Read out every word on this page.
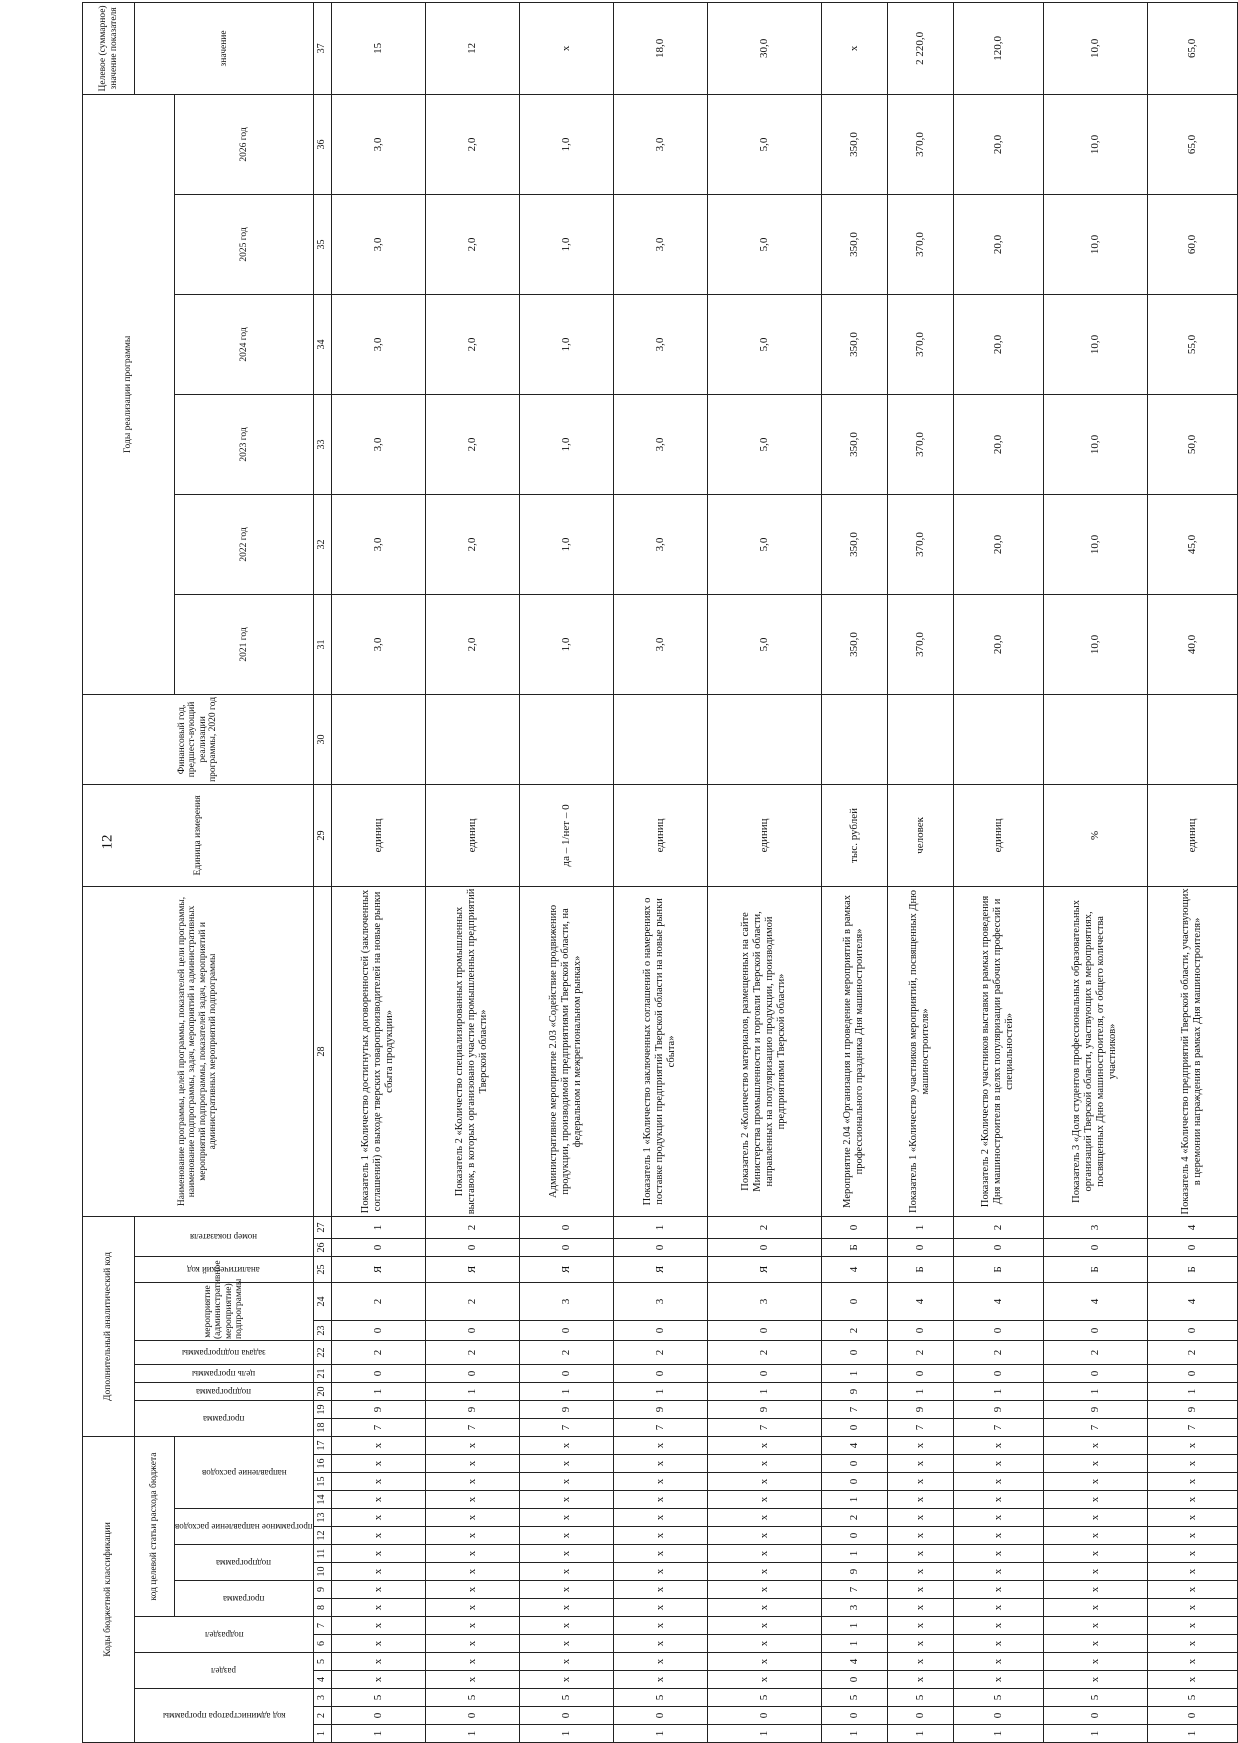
12
Коды бюджетной классификации																	Дополнительный аналитический код										Наименование программы, целей программы, показателей цели программы, наименование подпрограммы, задач, мероприятий и административных мероприятий подпрограммы, показателей задач, мероприятий и административных мероприятий подпрограммы	Единица измерения	Финансовый год, предшест-вующий реализации программы, 2020 год	Годы реализации программы						Целевое (суммарное) значение показателя

код администратора программы			раздел		подраздел		код целевой статьи расхода бюджета										программа		подпрограмма	цель программы	задача подпрограммы	мероприятие (административное мероприятие) подпрограммы		аналитический код	номер показателя											значение

							программа		подпрограмма		программное направление расходов		направление расходов																	2021 год	2022 год	2023 год	2024 год	2025 год	2026 год	
1	2	3	4	5	6	7	8	9	10	11	12	13	14	15	16	17	18	19	20	21	22	23	24	25	26	27	28	29	30	31	32	33	34	35	36	37
1	0	5	x	x	x	x	x	x	x	x	x	x	x	x	x	x	7	9	1	0	2	0	2	Я	0	1	Показатель 1 «Количество достигнутых договоренностей (заключенных соглашений) о выходе тверских товаропроизводителей на новые рынки сбыта продукции»	единиц		3,0	3,0	3,0	3,0	3,0	3,0	15
1	0	5	x	x	x	x	x	x	x	x	x	x	x	x	x	x	7	9	1	0	2	0	2	Я	0	2	Показатель 2 «Количество специализированных промышленных выставок, в которых организовано участие промышленных предприятий Тверской области»	единиц		2,0	2,0	2,0	2,0	2,0	2,0	12
1	0	5	x	x	x	x	x	x	x	x	x	x	x	x	x	x	7	9	1	0	2	0	3	Я	0	0	Административное мероприятие 2.03 «Содействие продвижению продукции, производимой предприятиями Тверской области, на федеральном и межрегиональном рынках»	да – 1/нет – 0		1,0	1,0	1,0	1,0	1,0	1,0	x
1	0	5	x	x	x	x	x	x	x	x	x	x	x	x	x	x	7	9	1	0	2	0	3	Я	0	1	Показатель 1 «Количество заключенных соглашений о намерениях о поставке продукции предприятий Тверской области на новые рынки сбыта»	единиц		3,0	3,0	3,0	3,0	3,0	3,0	18,0
1	0	5	x	x	x	x	x	x	x	x	x	x	x	x	x	x	7	9	1	0	2	0	3	Я	0	2	Показатель 2 «Количество материалов, размещенных на сайте Министерства промышленности и торговли Тверской области, направленных на популяризацию продукции, производимой предприятиями Тверской области»	единиц		5,0	5,0	5,0	5,0	5,0	5,0	30,0
1	0	5	0	4	1	1	3	7	9	1	0	2	1	0	0	4	0	7	9	1	0	2	0	4	Б	0	Мероприятие 2.04 «Организация и проведение мероприятий в рамках профессионального праздника Дня машиностроителя»	тыс. рублей		350,0	350,0	350,0	350,0	350,0	350,0	x
1	0	5	x	x	x	x	x	x	x	x	x	x	x	x	x	x	7	9	1	0	2	0	4	Б	0	1	Показатель 1 «Количество участников мероприятий, посвященных Дню машиностроителя»	человек		370,0	370,0	370,0	370,0	370,0	370,0	2 220,0
1	0	5	x	x	x	x	x	x	x	x	x	x	x	x	x	x	7	9	1	0	2	0	4	Б	0	2	Показатель 2 «Количество участников выставки в рамках проведения Дня машиностроителя в целях популяризации рабочих профессий и специальностей»	единиц		20,0	20,0	20,0	20,0	20,0	20,0	120,0
1	0	5	x	x	x	x	x	x	x	x	x	x	x	x	x	x	7	9	1	0	2	0	4	Б	0	3	Показатель 3 «Доля студентов профессиональных образовательных организаций Тверской области, участвующих в мероприятиях, посвященных Дню машиностроителя, от общего количества участников»	%		10,0	10,0	10,0	10,0	10,0	10,0	10,0
1	0	5	x	x	x	x	x	x	x	x	x	x	x	x	x	x	7	9	1	0	2	0	4	Б	0	4	Показатель 4 «Количество предприятий Тверской области, участвующих в церемонии награждения в рамках Дня машиностроителя»	единиц		40,0	45,0	50,0	55,0	60,0	65,0	65,0
